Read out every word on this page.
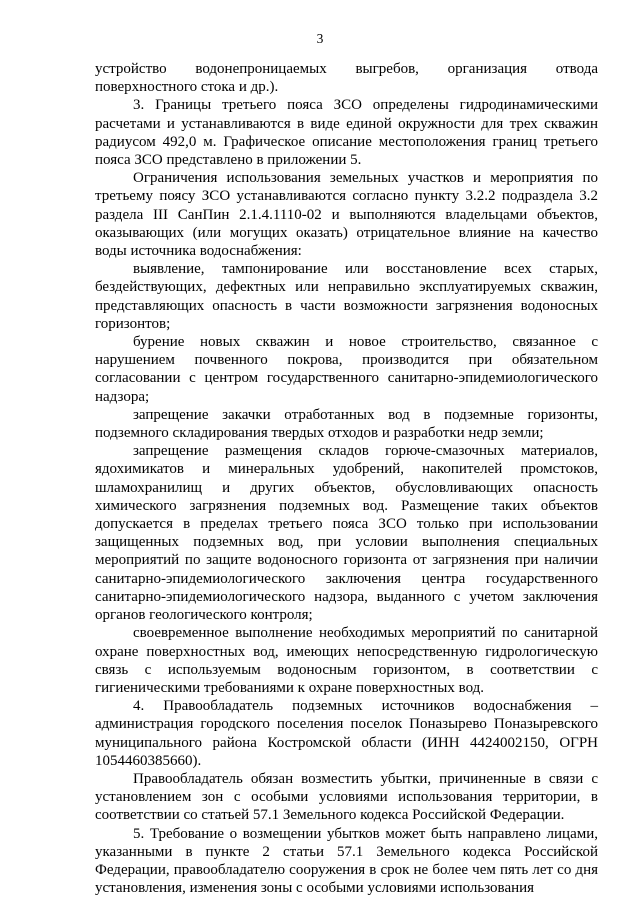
3

устройство водонепроницаемых выгребов, организация отвода поверхностного стока и др.).

3. Границы третьего пояса ЗСО определены гидродинамическими расчетами и устанавливаются в виде единой окружности для трех скважин радиусом 492,0 м. Графическое описание местоположения границ третьего пояса ЗСО представлено в приложении 5.

Ограничения использования земельных участков и мероприятия по третьему поясу ЗСО устанавливаются согласно пункту 3.2.2 подраздела 3.2 раздела III СанПин 2.1.4.1110-02 и выполняются владельцами объектов, оказывающих (или могущих оказать) отрицательное влияние на качество воды источника водоснабжения:

выявление, тампонирование или восстановление всех старых, бездействующих, дефектных или неправильно эксплуатируемых скважин, представляющих опасность в части возможности загрязнения водоносных горизонтов;

бурение новых скважин и новое строительство, связанное с нарушением почвенного покрова, производится при обязательном согласовании с центром государственного санитарно-эпидемиологического надзора;

запрещение закачки отработанных вод в подземные горизонты, подземного складирования твердых отходов и разработки недр земли;

запрещение размещения складов горюче-смазочных материалов, ядохимикатов и минеральных удобрений, накопителей промстоков, шламохранилищ и других объектов, обусловливающих опасность химического загрязнения подземных вод. Размещение таких объектов допускается в пределах третьего пояса ЗСО только при использовании защищенных подземных вод, при условии выполнения специальных мероприятий по защите водоносного горизонта от загрязнения при наличии санитарно-эпидемиологического заключения центра государственного санитарно-эпидемиологического надзора, выданного с учетом заключения органов геологического контроля;

своевременное выполнение необходимых мероприятий по санитарной охране поверхностных вод, имеющих непосредственную гидрологическую связь с используемым водоносным горизонтом, в соответствии с гигиеническими требованиями к охране поверхностных вод.

4. Правообладатель подземных источников водоснабжения – администрация городского поселения поселок Поназырево Поназыревского муниципального района Костромской области (ИНН 4424002150, ОГРН 1054460385660).

Правообладатель обязан возместить убытки, причиненные в связи с установлением зон с особыми условиями использования территории, в соответствии со статьей 57.1 Земельного кодекса Российской Федерации.

5. Требование о возмещении убытков может быть направлено лицами, указанными в пункте 2 статьи 57.1 Земельного кодекса Российской Федерации, правообладателю сооружения в срок не более чем пять лет со дня установления, изменения зоны с особыми условиями использования
